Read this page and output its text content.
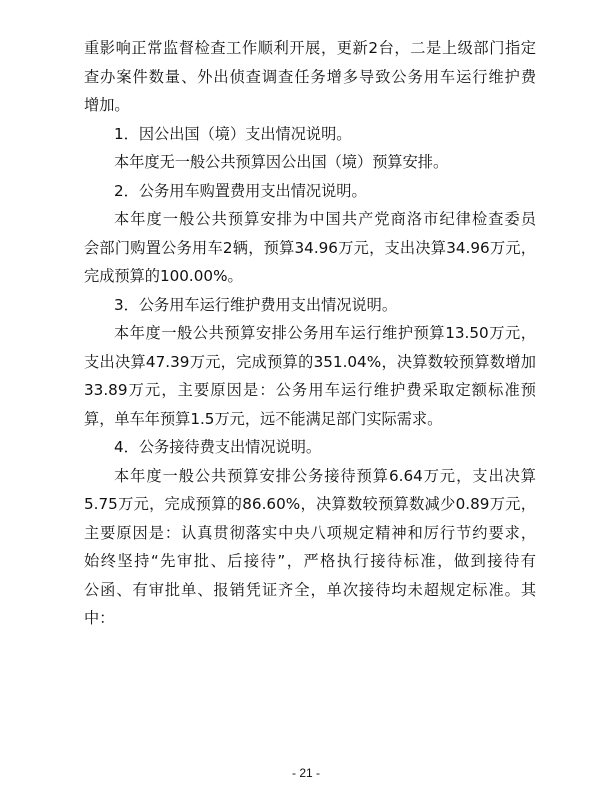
重影响正常监督检查工作顺利开展，更新2台，二是上级部门指定
查办案件数量、外出侦查调查任务增多导致公务用车运行维护费
增加。
1．因公出国（境）支出情况说明。
本年度无一般公共预算因公出国（境）预算安排。
2．公务用车购置费用支出情况说明。
本年度一般公共预算安排为中国共产党商洛市纪律检查委员
会部门购置公务用车2辆，预算34.96万元，支出决算34.96万元，
完成预算的100.00%。
3．公务用车运行维护费用支出情况说明。
本年度一般公共预算安排公务用车运行维护预算13.50万元，
支出决算47.39万元，完成预算的351.04%，决算数较预算数增加
33.89万元，主要原因是：公务用车运行维护费采取定额标准预
算，单车年预算1.5万元，远不能满足部门实际需求。
4．公务接待费支出情况说明。
本年度一般公共预算安排公务接待预算6.64万元，支出决算
5.75万元，完成预算的86.60%，决算数较预算数减少0.89万元，
主要原因是：认真贯彻落实中央八项规定精神和厉行节约要求，
始终坚持“先审批、后接待”，严格执行接待标准，做到接待有
公函、有审批单、报销凭证齐全，单次接待均未超规定标准。其
中：
- 21 -
